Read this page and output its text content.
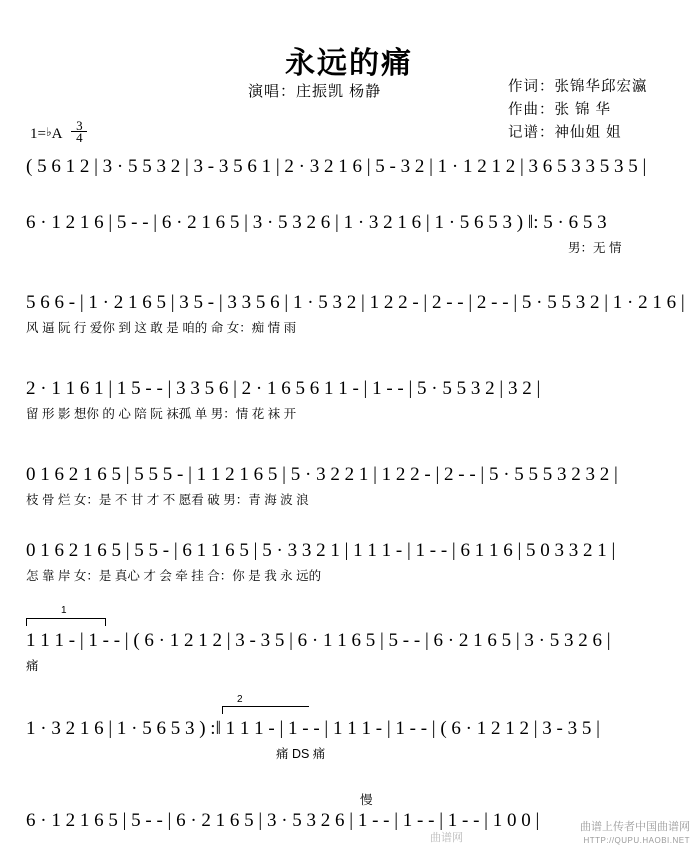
永远的痛
演唱：庄振凯 杨静	作词：张锦华邱宏瀛
作曲：张 锦 华
记谱：神仙姐 姐
1=♭A $\frac{3}{4}$
( 5 6 1 2 | 3 · 5 5 3 2 | 3 - 3 5 6 1 | 2 · 3 2 1 6 | 5 - 3 2 | 1 · 1 2 1 2 | 3 6 5 3 3 5 3 5 |
6 · 1 2 1 6 | 5 - - | 6 · 2 1 6 5 | 3 · 5 3 2 6 | 1 · 3 2 1 6 | 1 · 5 6 5 3 ) ‖: 5 · 6 5 3
男：无 情
5 6 6 - | 1 · 2 1 6 5 | 3 5 - | 3 3 5 6 | 1 · 5 3 2 | 1 2 2 - | 2 - - | 2 - - | 5 · 5 5 3 2 | 1 · 2 1 6 |
风 逼 阮 行 爱你 到 这 敢 是 咱的 命 女：痴 情 雨
2 · 1 1 6 1 | 1 5 - - | 3 3 5 6 | 2 · 1 6 5 6 1 1 - | 1 - - | 5 · 5 5 3 2 | 3 2 |
留 形 影 想你 的 心 陪 阮 袜孤 单 男：情 花 袜 开
0 1 6 2 1 6 5 | 5 5 5 - | 1 1 2 1 6 5 | 5 · 3 2 2 1 | 1 2 2 - | 2 - - | 5 · 5 5 5 3 2 3 2 |
枝 骨 烂 女：是 不 甘 才 不 愿看 破 男：青 海 波 浪
0 1 6 2 1 6 5 | 5 5 - | 6 1 1 6 5 | 5 · 3 3 2 1 | 1 1 1 - | 1 - - | 6 1 1 6 | 5 0 3 3 2 1 |
怎 靠 岸 女：是 真心 才 会 牵 挂 合：你 是 我 永 远的
1 1 1 - | 1 - - | ( 6 · 1 2 1 2 | 3 - 3 5 | 6 · 1 1 6 5 | 5 - - | 6 · 2 1 6 5 | 3 · 5 3 2 6 |
痛
1
1 · 3 2 1 6 | 1 · 5 6 5 3 ) :‖ 1 1 1 - | 1 - - | 1 1 1 - | 1 - - | ( 6 · 1 2 1 2 | 3 - 3 5 |
痛 DS 痛
2
慢
6 · 1 2 1 6 5 | 5 - - | 6 · 2 1 6 5 | 3 · 5 3 2 6 | 1 - - | 1 - - | 1 - - | 1 0 0 |
曲谱网
曲谱上传者中国曲谱网
HTTP://QUPU.HAOBI.NET
